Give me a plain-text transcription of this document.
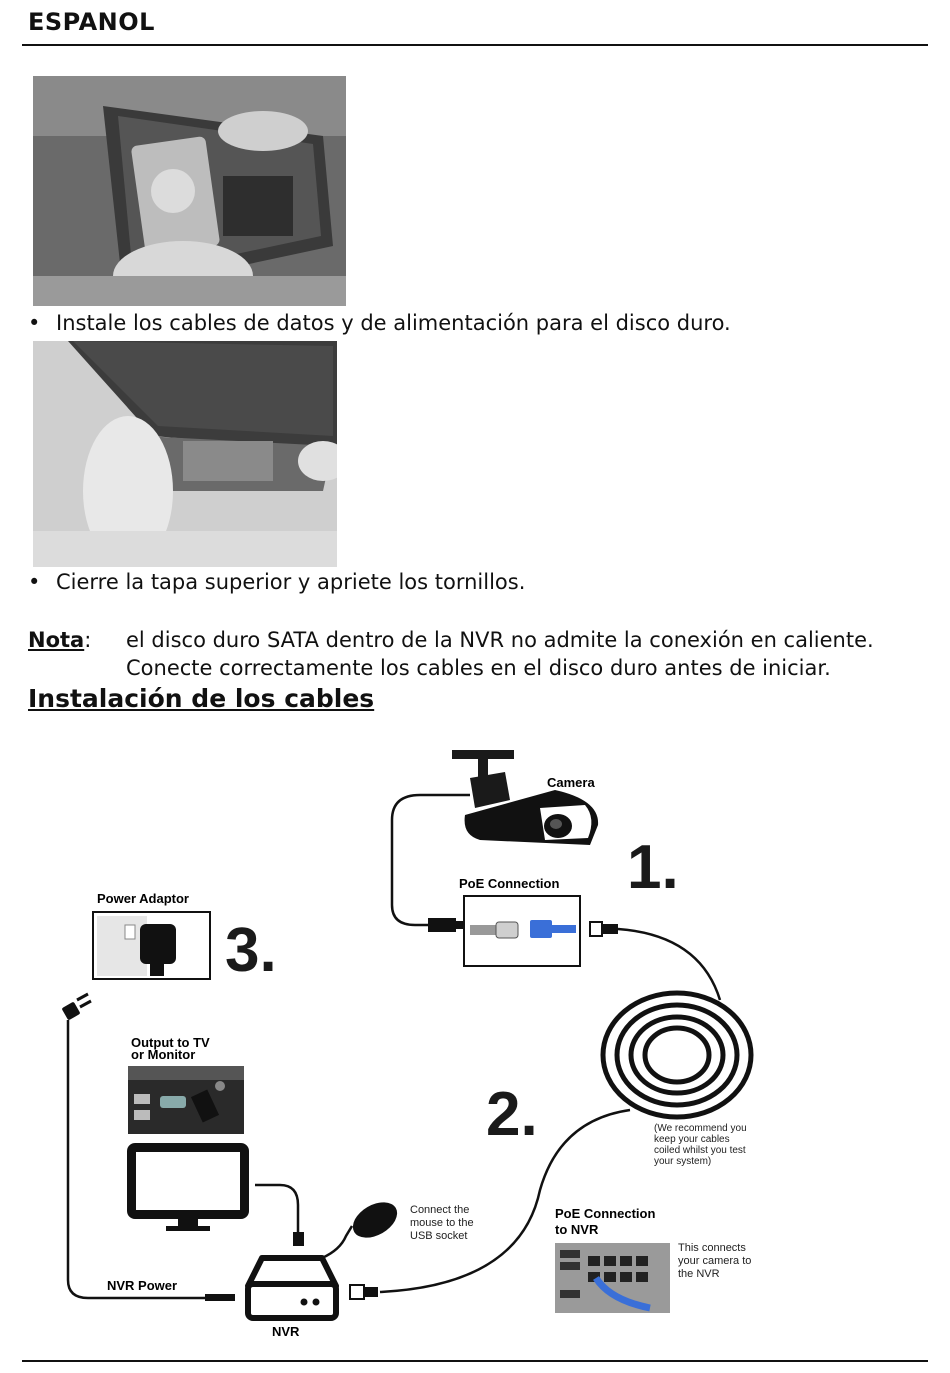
ESPANOL
• Instale los cables de datos y de alimentación para el disco duro.
• Cierre la tapa superior y apriete los tornillos.
Nota: el disco duro SATA dentro de la NVR no admite la conexión en caliente.
Conecte correctamente los cables en el disco duro antes de iniciar.
Instalación de los cables
Camera
1.
PoE Connection
2.	(We recommend you keep your cables coiled whilst you test your system)
Power Adaptor
3.
NVR Power
Output to TV or Monitor
NVR
Connect the mouse to the USB socket
PoE Connection to NVR
This connects your camera to the NVR
